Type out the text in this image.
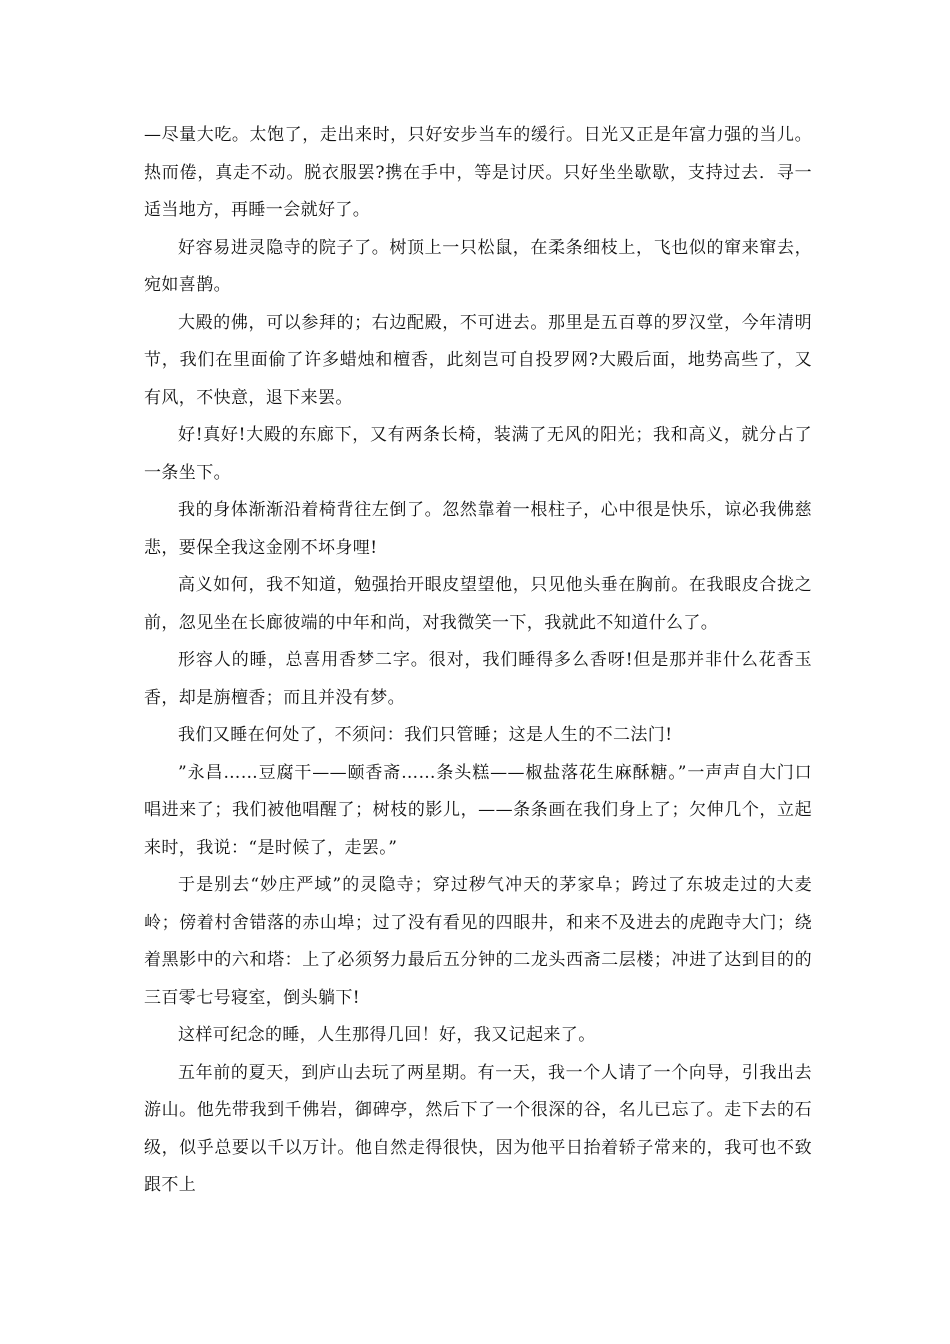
—尽量大吃。太饱了，走出来时，只好安步当车的缓行。日光又正是年富力强的当儿。热而倦，真走不动。脱衣服罢?携在手中，等是讨厌。只好坐坐歇歇，支持过去．寻一适当地方，再睡一会就好了。

好容易进灵隐寺的院子了。树顶上一只松鼠，在柔条细枝上，飞也似的窜来窜去，宛如喜鹊。

大殿的佛，可以参拜的；右边配殿，不可进去。那里是五百尊的罗汉堂，今年清明节，我们在里面偷了许多蜡烛和檀香，此刻岂可自投罗网?大殿后面，地势高些了，又有风，不快意，退下来罢。

好!真好!大殿的东廊下，又有两条长椅，装满了无风的阳光；我和高义，就分占了一条坐下。

我的身体渐渐沿着椅背往左倒了。忽然靠着一根柱子，心中很是快乐，谅必我佛慈悲，要保全我这金刚不坏身哩!

高义如何，我不知道，勉强抬开眼皮望望他，只见他头垂在胸前。在我眼皮合拢之前，忽见坐在长廊彼端的中年和尚，对我微笑一下，我就此不知道什么了。

形容人的睡，总喜用香梦二字。很对，我们睡得多么香呀!但是那并非什么花香玉香，却是旃檀香；而且并没有梦。

我们又睡在何处了，不须问：我们只管睡；这是人生的不二法门!

”永昌……豆腐干——颐香斋……条头糕——椒盐落花生麻酥糖。”一声声自大门口唱进来了；我们被他唱醒了；树枝的影儿，——条条画在我们身上了；欠伸几个，立起来时，我说：“是时候了，走罢。”

于是别去“妙庄严域”的灵隐寺；穿过秽气冲天的茅家阜；跨过了东坡走过的大麦岭；傍着村舍错落的赤山埠；过了没有看见的四眼井，和来不及进去的虎跑寺大门；绕着黑影中的六和塔：上了必须努力最后五分钟的二龙头西斋二层楼；冲进了达到目的的三百零七号寝室，倒头躺下!

这样可纪念的睡，人生那得几回！好，我又记起来了。

五年前的夏天，到庐山去玩了两星期。有一天，我一个人请了一个向导，引我出去游山。他先带我到千佛岩，御碑亭，然后下了一个很深的谷，名儿已忘了。走下去的石级，似乎总要以千以万计。他自然走得很快，因为他平日抬着轿子常来的，我可也不致跟不上
